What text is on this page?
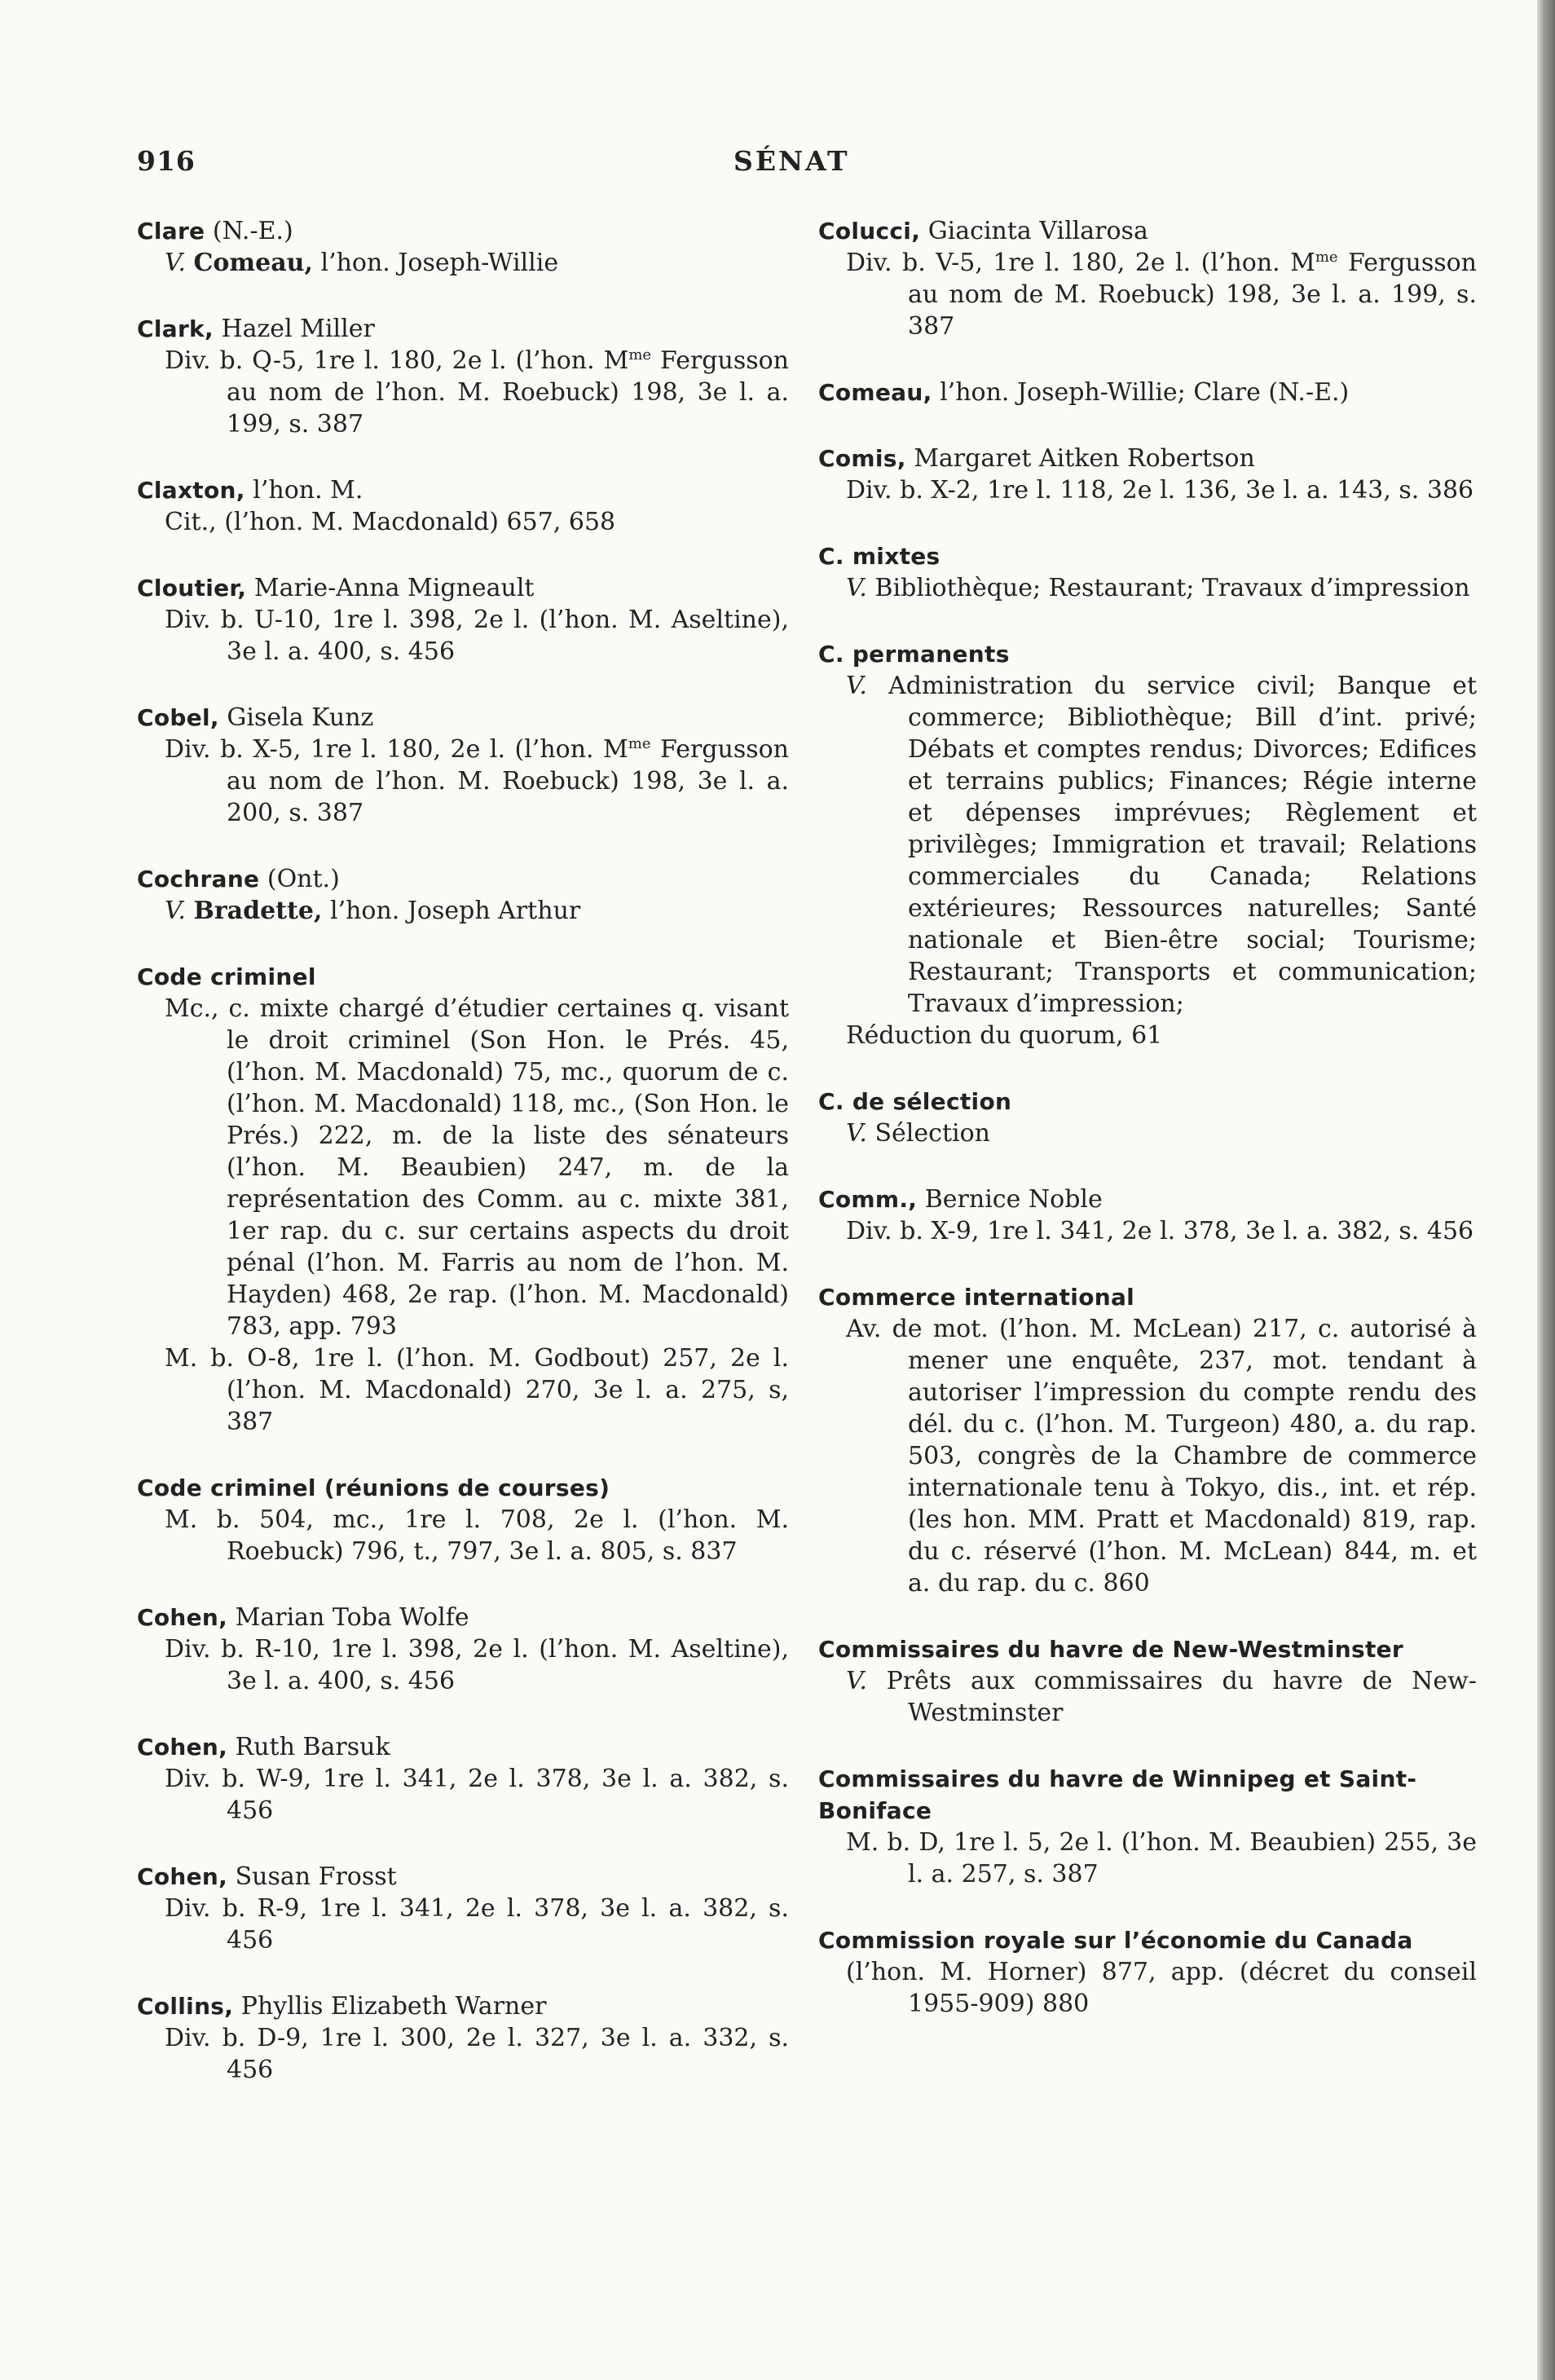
916	SÉNAT
Clare (N.-E.)
V. Comeau, l’hon. Joseph-Willie
Clark, Hazel Miller
Div. b. Q-5, 1re l. 180, 2e l. (l’hon. $M^{me}$ Fergusson au nom de l’hon. M. Roebuck) 198, 3e l. a. 199, s. 387
Claxton, l’hon. M.
Cit., (l’hon. M. Macdonald) 657, 658
Cloutier, Marie-Anna Migneault
Div. b. U-10, 1re l. 398, 2e l. (l’hon. M. Aseltine), 3e l. a. 400, s. 456
Cobel, Gisela Kunz
Div. b. X-5, 1re l. 180, 2e l. (l’hon. $M^{me}$ Fergusson au nom de l’hon. M. Roebuck) 198, 3e l. a. 200, s. 387
Cochrane (Ont.)
V. Bradette, l’hon. Joseph Arthur
Code criminel
Mc., c. mixte chargé d’étudier certaines q. visant le droit criminel (Son Hon. le Prés. 45, (l’hon. M. Macdonald) 75, mc., quorum de c. (l’hon. M. Macdonald) 118, mc., (Son Hon. le Prés.) 222, m. de la liste des sénateurs (l’hon. M. Beaubien) 247, m. de la représentation des Comm. au c. mixte 381, 1er rap. du c. sur certains aspects du droit pénal (l’hon. M. Farris au nom de l’hon. M. Hayden) 468, 2e rap. (l’hon. M. Macdonald) 783, app. 793
M. b. O-8, 1re l. (l’hon. M. Godbout) 257, 2e l. (l’hon. M. Macdonald) 270, 3e l. a. 275, s, 387
Code criminel (réunions de courses)
M. b. 504, mc., 1re l. 708, 2e l. (l’hon. M. Roebuck) 796, t., 797, 3e l. a. 805, s. 837
Cohen, Marian Toba Wolfe
Div. b. R-10, 1re l. 398, 2e l. (l’hon. M. Aseltine), 3e l. a. 400, s. 456
Cohen, Ruth Barsuk
Div. b. W-9, 1re l. 341, 2e l. 378, 3e l. a. 382, s. 456
Cohen, Susan Frosst
Div. b. R-9, 1re l. 341, 2e l. 378, 3e l. a. 382, s. 456
Collins, Phyllis Elizabeth Warner
Div. b. D-9, 1re l. 300, 2e l. 327, 3e l. a. 332, s. 456
Colucci, Giacinta Villarosa
Div. b. V-5, 1re l. 180, 2e l. (l’hon. $M^{me}$ Fergusson au nom de M. Roebuck) 198, 3e l. a. 199, s. 387
Comeau, l’hon. Joseph-Willie; Clare (N.-E.)
Comis, Margaret Aitken Robertson
Div. b. X-2, 1re l. 118, 2e l. 136, 3e l. a. 143, s. 386
C. mixtes
V. Bibliothèque; Restaurant; Travaux d’impression
C. permanents
V. Administration du service civil; Banque et commerce; Bibliothèque; Bill d’int. privé; Débats et comptes rendus; Divorces; Edifices et terrains publics; Finances; Régie interne et dépenses imprévues; Règlement et privilèges; Immigration et travail; Relations commerciales du Canada; Relations extérieures; Ressources naturelles; Santé nationale et Bien-être social; Tourisme; Restaurant; Transports et communication; Travaux d’impression;
Réduction du quorum, 61
C. de sélection
V. Sélection
Comm., Bernice Noble
Div. b. X-9, 1re l. 341, 2e l. 378, 3e l. a. 382, s. 456
Commerce international
Av. de mot. (l’hon. M. McLean) 217, c. autorisé à mener une enquête, 237, mot. tendant à autoriser l’impression du compte rendu des dél. du c. (l’hon. M. Turgeon) 480, a. du rap. 503, congrès de la Chambre de commerce internationale tenu à Tokyo, dis., int. et rép. (les hon. MM. Pratt et Macdonald) 819, rap. du c. réservé (l’hon. M. McLean) 844, m. et a. du rap. du c. 860
Commissaires du havre de New-Westminster
V. Prêts aux commissaires du havre de New-Westminster
Commissaires du havre de Winnipeg et Saint-Boniface
M. b. D, 1re l. 5, 2e l. (l’hon. M. Beaubien) 255, 3e l. a. 257, s. 387
Commission royale sur l’économie du Canada
(l’hon. M. Horner) 877, app. (décret du conseil 1955-909) 880
